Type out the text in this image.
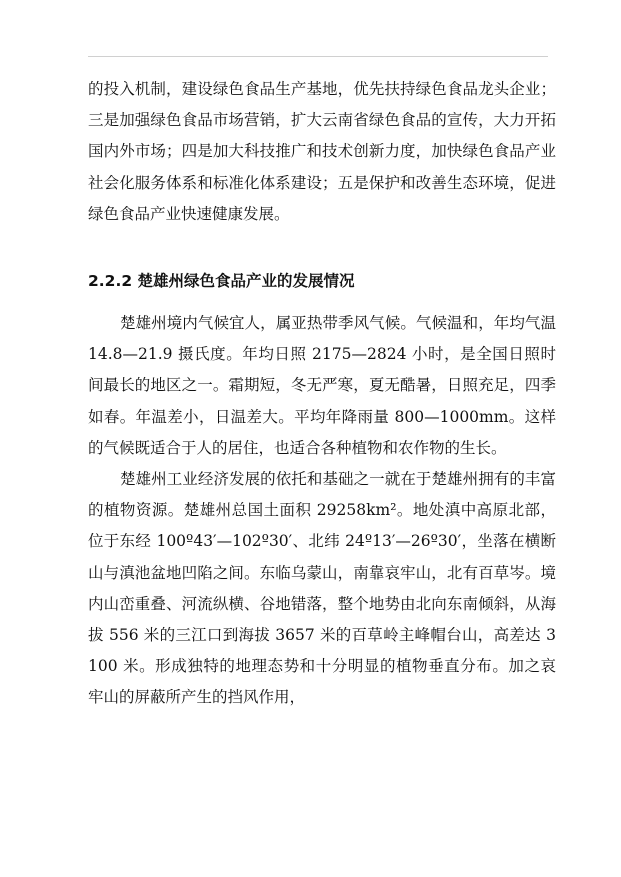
的投入机制，建设绿色食品生产基地，优先扶持绿色食品龙头企业；三是加强绿色食品市场营销，扩大云南省绿色食品的宣传，大力开拓国内外市场；四是加大科技推广和技术创新力度，加快绿色食品产业社会化服务体系和标准化体系建设；五是保护和改善生态环境，促进绿色食品产业快速健康发展。

2.2.2 楚雄州绿色食品产业的发展情况

楚雄州境内气候宜人，属亚热带季风气候。气候温和，年均气温 14.8—21.9 摄氏度。年均日照 2175—2824 小时，是全国日照时间最长的地区之一。霜期短，冬无严寒，夏无酷暑，日照充足，四季如春。年温差小，日温差大。平均年降雨量 800—1000mm。这样的气候既适合于人的居住，也适合各种植物和农作物的生长。

楚雄州工业经济发展的依托和基础之一就在于楚雄州拥有的丰富的植物资源。楚雄州总国土面积 29258km²。地处滇中高原北部，位于东经 100º43′—102º30′、北纬 24º13′—26º30′，坐落在横断山与滇池盆地凹陷之间。东临乌蒙山，南靠哀牢山，北有百草岑。境内山峦重叠、河流纵横、谷地错落，整个地势由北向东南倾斜，从海拔 556 米的三江口到海拔 3657 米的百草岭主峰帽台山，高差达 3100 米。形成独特的地理态势和十分明显的植物垂直分布。加之哀牢山的屏蔽所产生的挡风作用，
